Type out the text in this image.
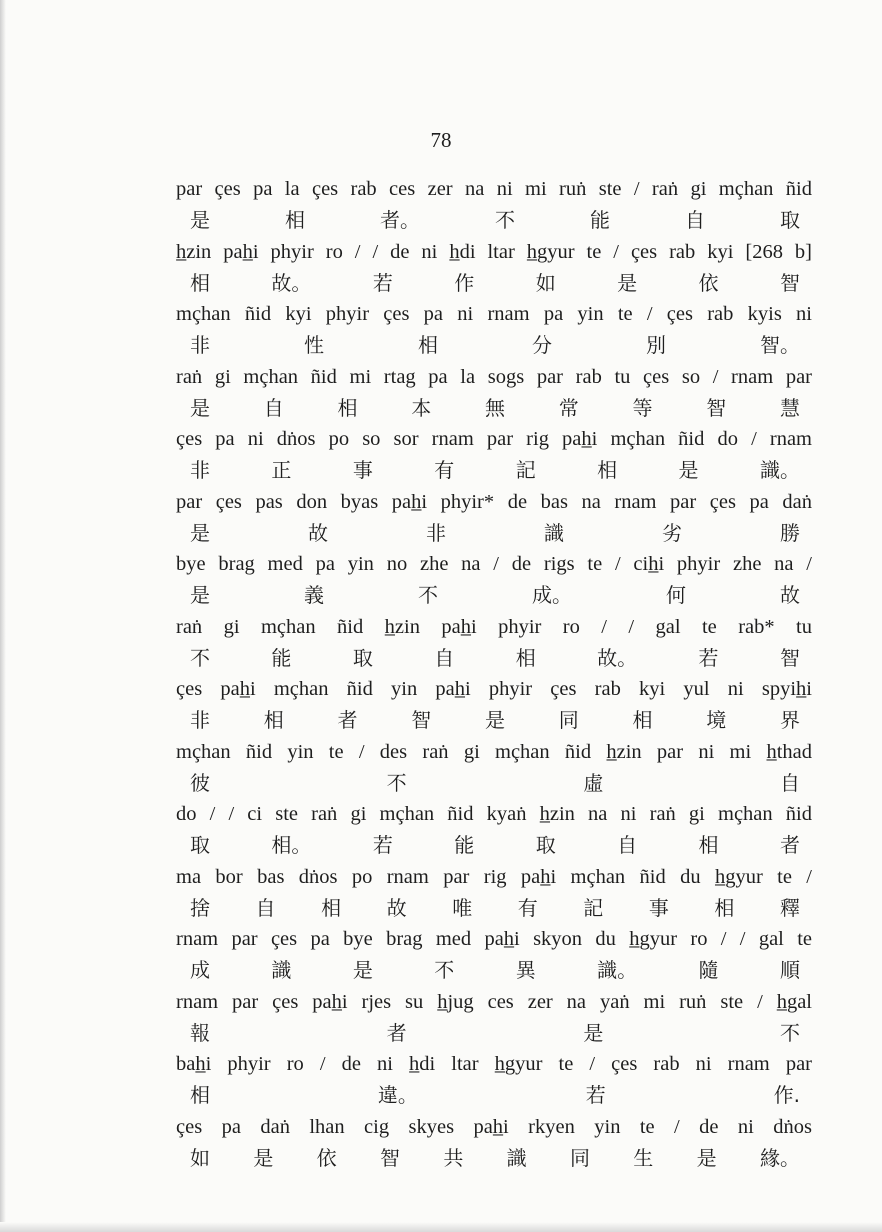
78
par çes pa la çes rab ces zer na ni mi ruṅ ste / raṅ gi mçhan ñid
是	相	者。	不	能	自	取
h̲zin pah̲i phyir ro / / de ni h̲di ltar h̲gyur te / çes rab kyi [268 b]
相	故。	若	作	如	是	依	智
mçhan ñid kyi phyir çes pa ni rnam pa yin te / çes rab kyis ni
非	性	相	分	別	智。
raṅ gi mçhan ñid mi rtag pa la sogs par rab tu çes so / rnam par
是	自	相	本	無	常	等	智	慧
çes pa ni dṅos po so sor rnam par rig pah̲i mçhan ñid do / rnam
非	正	事	有	記	相	是	識。
par çes pas don byas pah̲i phyir* de bas na rnam par çes pa daṅ
是	故	非	識	劣	勝
bye brag med pa yin no zhe na / de rigs te / cih̲i phyir zhe na /
是	義	不	成。	何	故
raṅ gi mçhan ñid h̲zin pah̲i phyir ro / / gal te rab* tu
不	能	取	自	相	故。	若	智
çes pah̲i mçhan ñid yin pah̲i phyir çes rab kyi yul ni spyih̲i
非	相	者	智	是	同	相	境	界
mçhan ñid yin te / des raṅ gi mçhan ñid h̲zin par ni mi h̲thad
彼	不	虛	自
do / / ci ste raṅ gi mçhan ñid kyaṅ h̲zin na ni raṅ gi mçhan ñid
取	相。	若	能	取	自	相	者
ma bor bas dṅos po rnam par rig pah̲i mçhan ñid du h̲gyur te /
捨 自 相 故 唯 有 記 事 相 釋
rnam par çes pa bye brag med pah̲i skyon du h̲gyur ro / / gal te
成	識	是	不	異	識。	隨	順
rnam par çes pah̲i rjes su h̲jug ces zer na yaṅ mi ruṅ ste / h̲gal
報	者	是	不
bah̲i phyir ro / de ni h̲di ltar h̲gyur te / çes rab ni rnam par
相	違。	若	作.
çes pa daṅ lhan cig skyes pah̲i rkyen yin te / de ni dṅos
如 是 依 智 共 識 同 生 是 緣。
